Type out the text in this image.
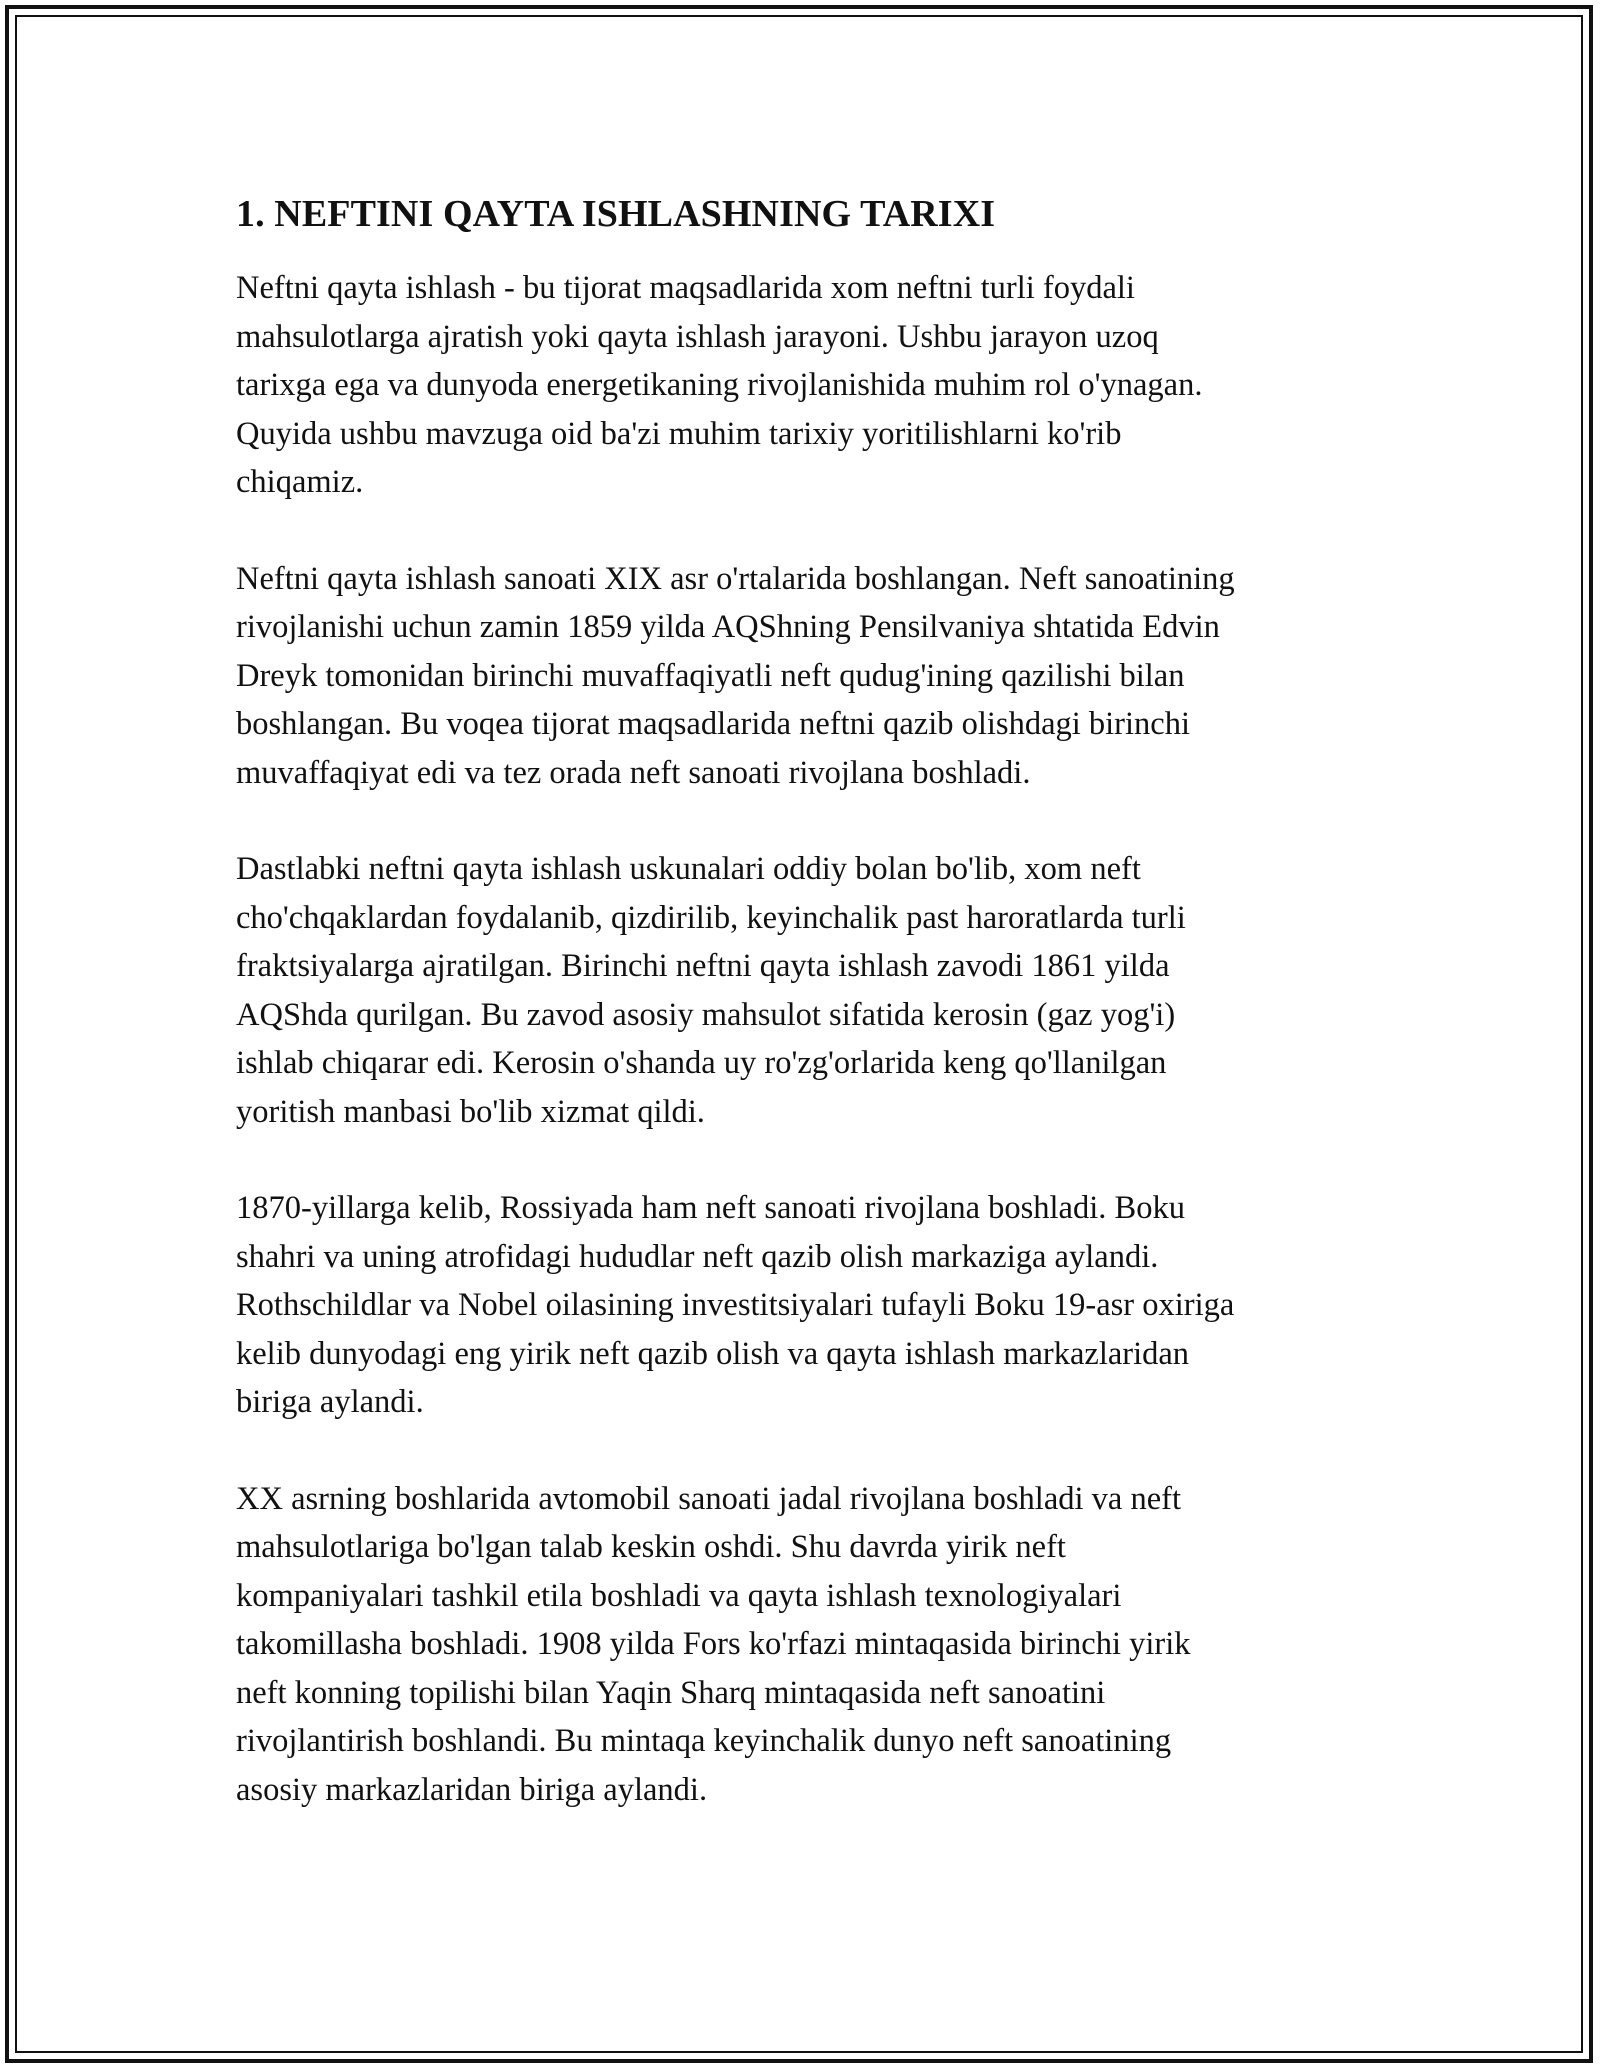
1. NEFTINI QAYTA ISHLASHNING TARIXI

Neftni qayta ishlash - bu tijorat maqsadlarida xom neftni turli foydali
mahsulotlarga ajratish yoki qayta ishlash jarayoni. Ushbu jarayon uzoq
tarixga ega va dunyoda energetikaning rivojlanishida muhim rol o'ynagan.
Quyida ushbu mavzuga oid ba'zi muhim tarixiy yoritilishlarni ko'rib
chiqamiz.

Neftni qayta ishlash sanoati XIX asr o'rtalarida boshlangan. Neft sanoatining
rivojlanishi uchun zamin 1859 yilda AQShning Pensilvaniya shtatida Edvin
Dreyk tomonidan birinchi muvaffaqiyatli neft qudug'ining qazilishi bilan
boshlangan. Bu voqea tijorat maqsadlarida neftni qazib olishdagi birinchi
muvaffaqiyat edi va tez orada neft sanoati rivojlana boshladi.

Dastlabki neftni qayta ishlash uskunalari oddiy bolan bo'lib, xom neft
cho'chqaklardan foydalanib, qizdirilib, keyinchalik past haroratlarda turli
fraktsiyalarga ajratilgan. Birinchi neftni qayta ishlash zavodi 1861 yilda
AQShda qurilgan. Bu zavod asosiy mahsulot sifatida kerosin (gaz yog'i)
ishlab chiqarar edi. Kerosin o'shanda uy ro'zg'orlarida keng qo'llanilgan
yoritish manbasi bo'lib xizmat qildi.

1870-yillarga kelib, Rossiyada ham neft sanoati rivojlana boshladi. Boku
shahri va uning atrofidagi hududlar neft qazib olish markaziga aylandi.
Rothschildlar va Nobel oilasining investitsiyalari tufayli Boku 19-asr oxiriga
kelib dunyodagi eng yirik neft qazib olish va qayta ishlash markazlaridan
biriga aylandi.

XX asrning boshlarida avtomobil sanoati jadal rivojlana boshladi va neft
mahsulotlariga bo'lgan talab keskin oshdi. Shu davrda yirik neft
kompaniyalari tashkil etila boshladi va qayta ishlash texnologiyalari
takomillasha boshladi. 1908 yilda Fors ko'rfazi mintaqasida birinchi yirik
neft konning topilishi bilan Yaqin Sharq mintaqasida neft sanoatini
rivojlantirish boshlandi. Bu mintaqa keyinchalik dunyo neft sanoatining
asosiy markazlaridan biriga aylandi.
